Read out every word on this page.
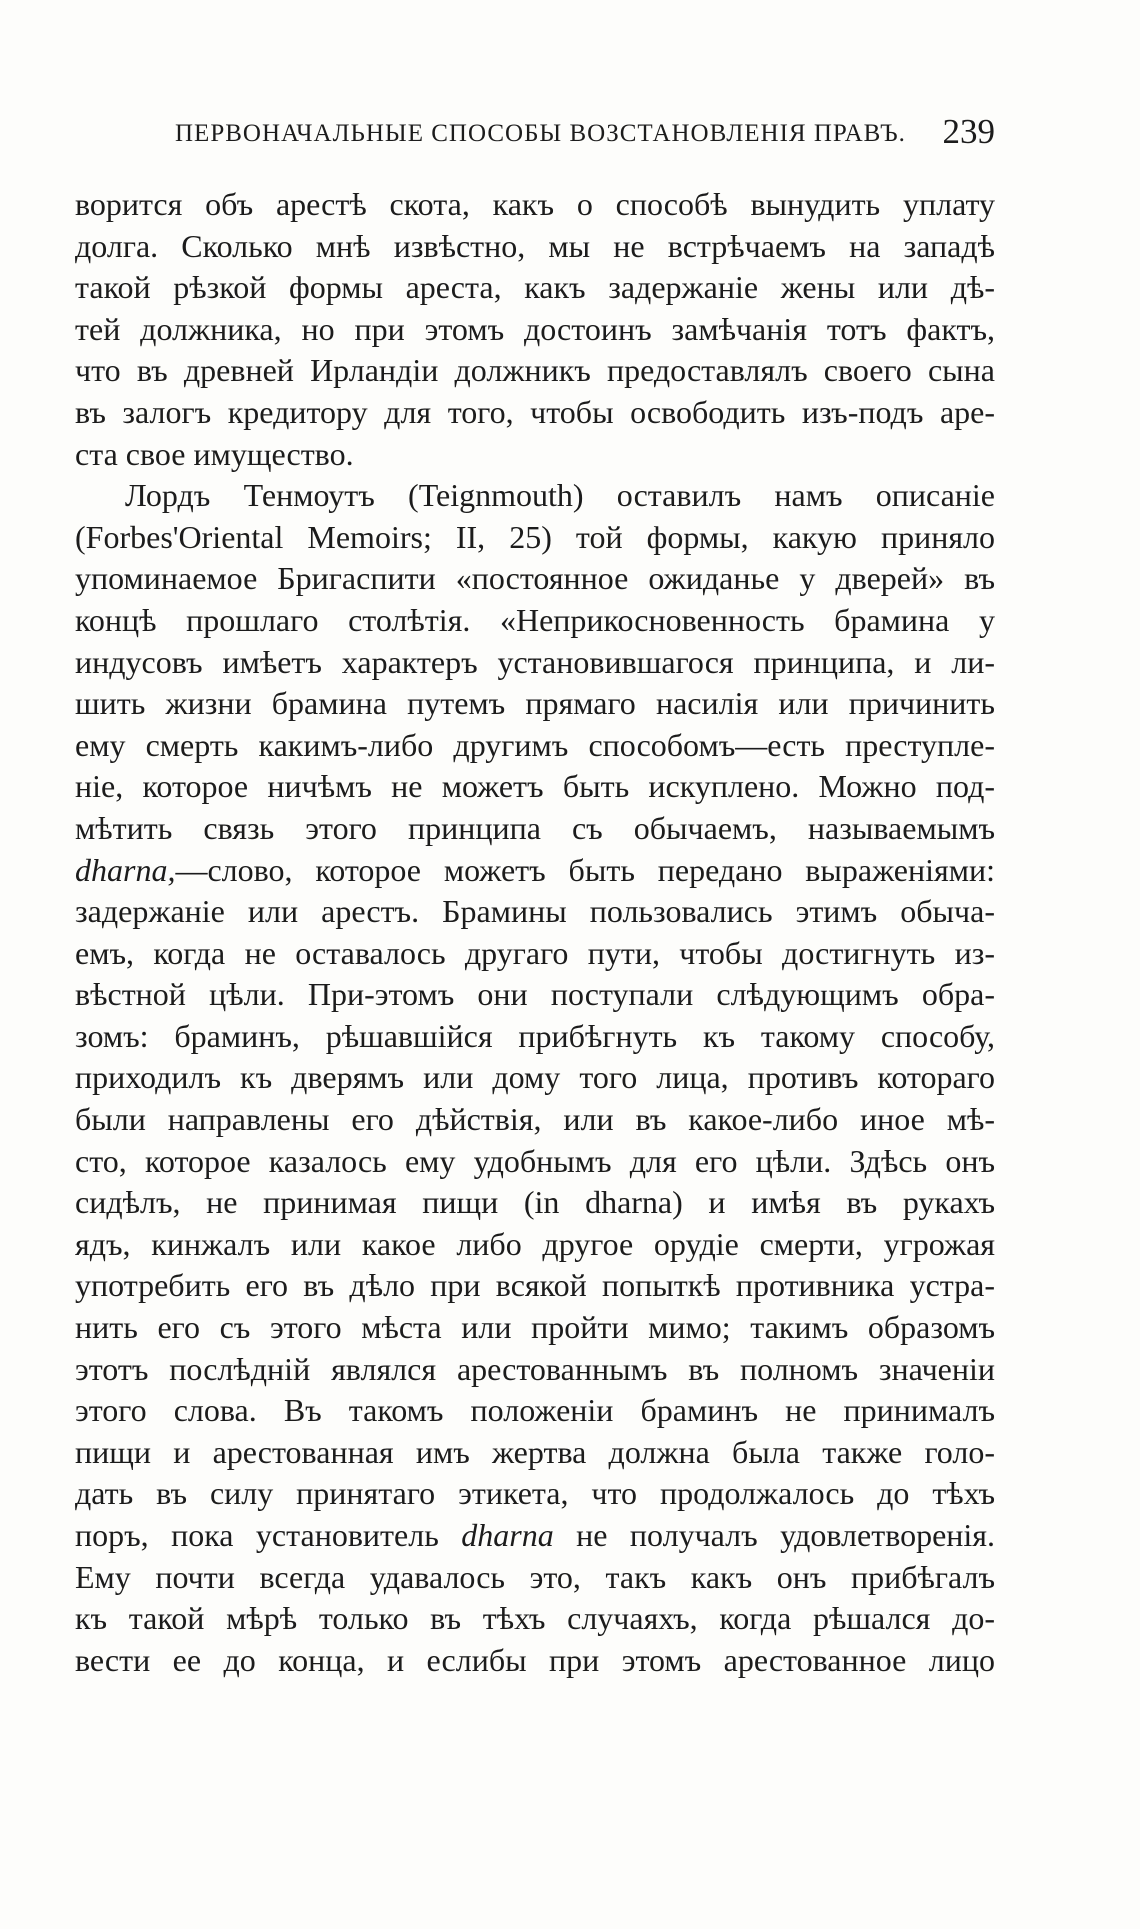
ПЕРВОНАЧАЛЬНЫЕ СПОСОБЫ ВОЗСТАНОВЛЕНІЯ ПРАВЪ. 239
ворится объ арестѣ скота, какъ о способѣ вынудить уплату
долга. Сколько мнѣ извѣстно, мы не встрѣчаемъ на западѣ
такой рѣзкой формы ареста, какъ задержаніе жены или дѣ-
тей должника, но при этомъ достоинъ замѣчанія тотъ фактъ,
что въ древней Ирландіи должникъ предоставлялъ своего сына
въ залогъ кредитору для того, чтобы освободить изъ-подъ аре-
ста свое имущество.
Лордъ Тенмоутъ (Teignmouth) оставилъ намъ описаніе
(Forbes'Oriental Memoirs; II, 25) той формы, какую приняло
упоминаемое Бригаспити «постоянное ожиданье у дверей» въ
концѣ прошлаго столѣтія. «Неприкосновенность брамина у
индусовъ имѣетъ характеръ установившагося принципа, и ли-
шить жизни брамина путемъ прямаго насилія или причинить
ему смерть какимъ-либо другимъ способомъ—есть преступле-
ніе, которое ничѣмъ не можетъ быть искуплено. Можно под-
мѣтить связь этого принципа съ обычаемъ, называемымъ
dharna,—слово, которое можетъ быть передано выраженіями:
задержаніе или арестъ. Брамины пользовались этимъ обыча-
емъ, когда не оставалось другаго пути, чтобы достигнуть из-
вѣстной цѣли. При-этомъ они поступали слѣдующимъ обра-
зомъ: браминъ, рѣшавшійся прибѣгнуть къ такому способу,
приходилъ къ дверямъ или дому того лица, противъ котораго
были направлены его дѣйствія, или въ какое-либо иное мѣ-
сто, которое казалось ему удобнымъ для его цѣли. Здѣсь онъ
сидѣлъ, не принимая пищи (in dharna) и имѣя въ рукахъ
ядъ, кинжалъ или какое либо другое орудіе смерти, угрожая
употребить его въ дѣло при всякой попыткѣ противника устра-
нить его съ этого мѣста или пройти мимо; такимъ образомъ
этотъ послѣдній являлся арестованнымъ въ полномъ значеніи
этого слова. Въ такомъ положеніи браминъ не принималъ
пищи и арестованная имъ жертва должна была также голо-
дать въ силу принятаго этикета, что продолжалось до тѣхъ
поръ, пока установитель dharna не получалъ удовлетворенія.
Ему почти всегда удавалось это, такъ какъ онъ прибѣгалъ
къ такой мѣрѣ только въ тѣхъ случаяхъ, когда рѣшался до-
вести ее до конца, и еслибы при этомъ арестованное лицо
